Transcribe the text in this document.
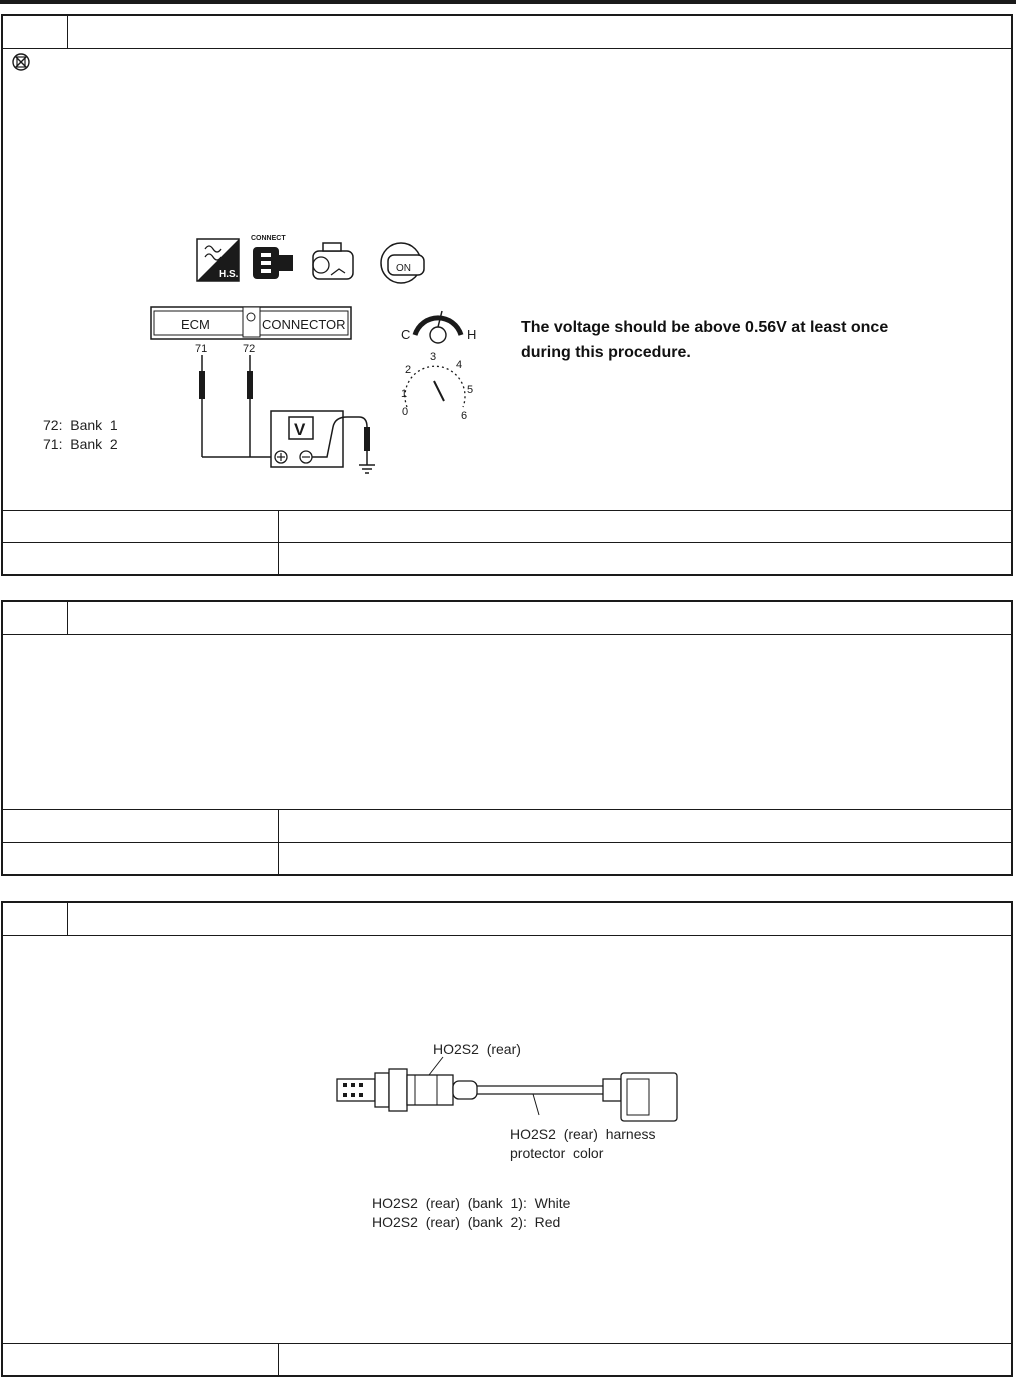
H.S.
CONNECT
ON
ECM	CONNECTOR
71	72
V
C	H
0
1
2
3
4
5
6
72:  Bank  1
71:  Bank  2
The voltage should be above 0.56V at least once
during this procedure.
HO2S2  (rear)
HO2S2  (rear)  harness
protector  color
HO2S2  (rear)  (bank  1):  White
HO2S2  (rear)  (bank  2):  Red
